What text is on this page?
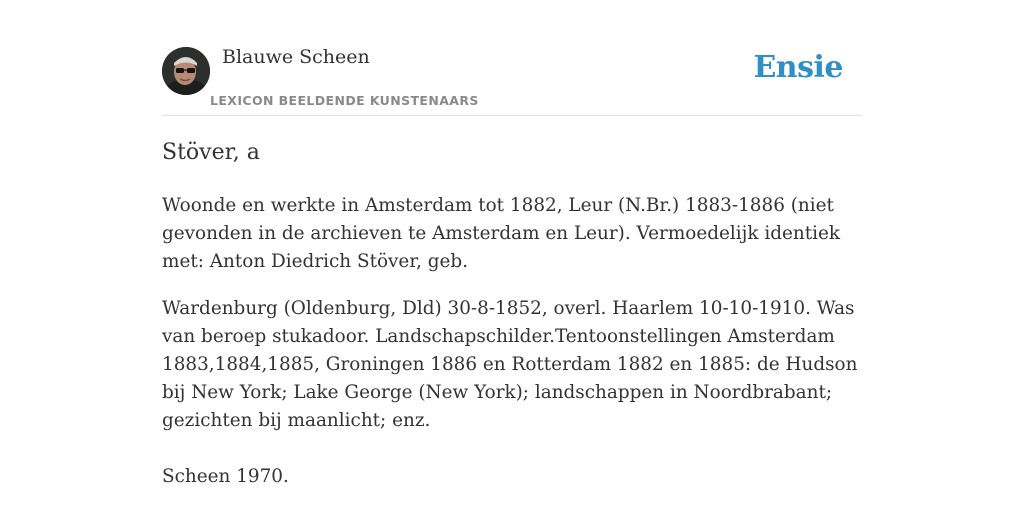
Blauwe Scheen
LEXICON BEELDENDE KUNSTENAARS
Ensie
Stöver, a

Woonde en werkte in Amsterdam tot 1882, Leur (N.Br.) 1883-1886 (niet gevonden in de archieven te Amsterdam en Leur). Vermoedelijk identiek met: Anton Diedrich Stöver, geb.

Wardenburg (Oldenburg, Dld) 30-8-1852, overl. Haarlem 10-10-1910. Was van beroep stukadoor. Landschapschilder.Tentoonstellingen Amsterdam 1883,1884,1885, Groningen 1886 en Rotterdam 1882 en 1885: de Hudson bij New York; Lake George (New York); landschappen in Noordbrabant; gezichten bij maanlicht; enz.

Scheen 1970.
